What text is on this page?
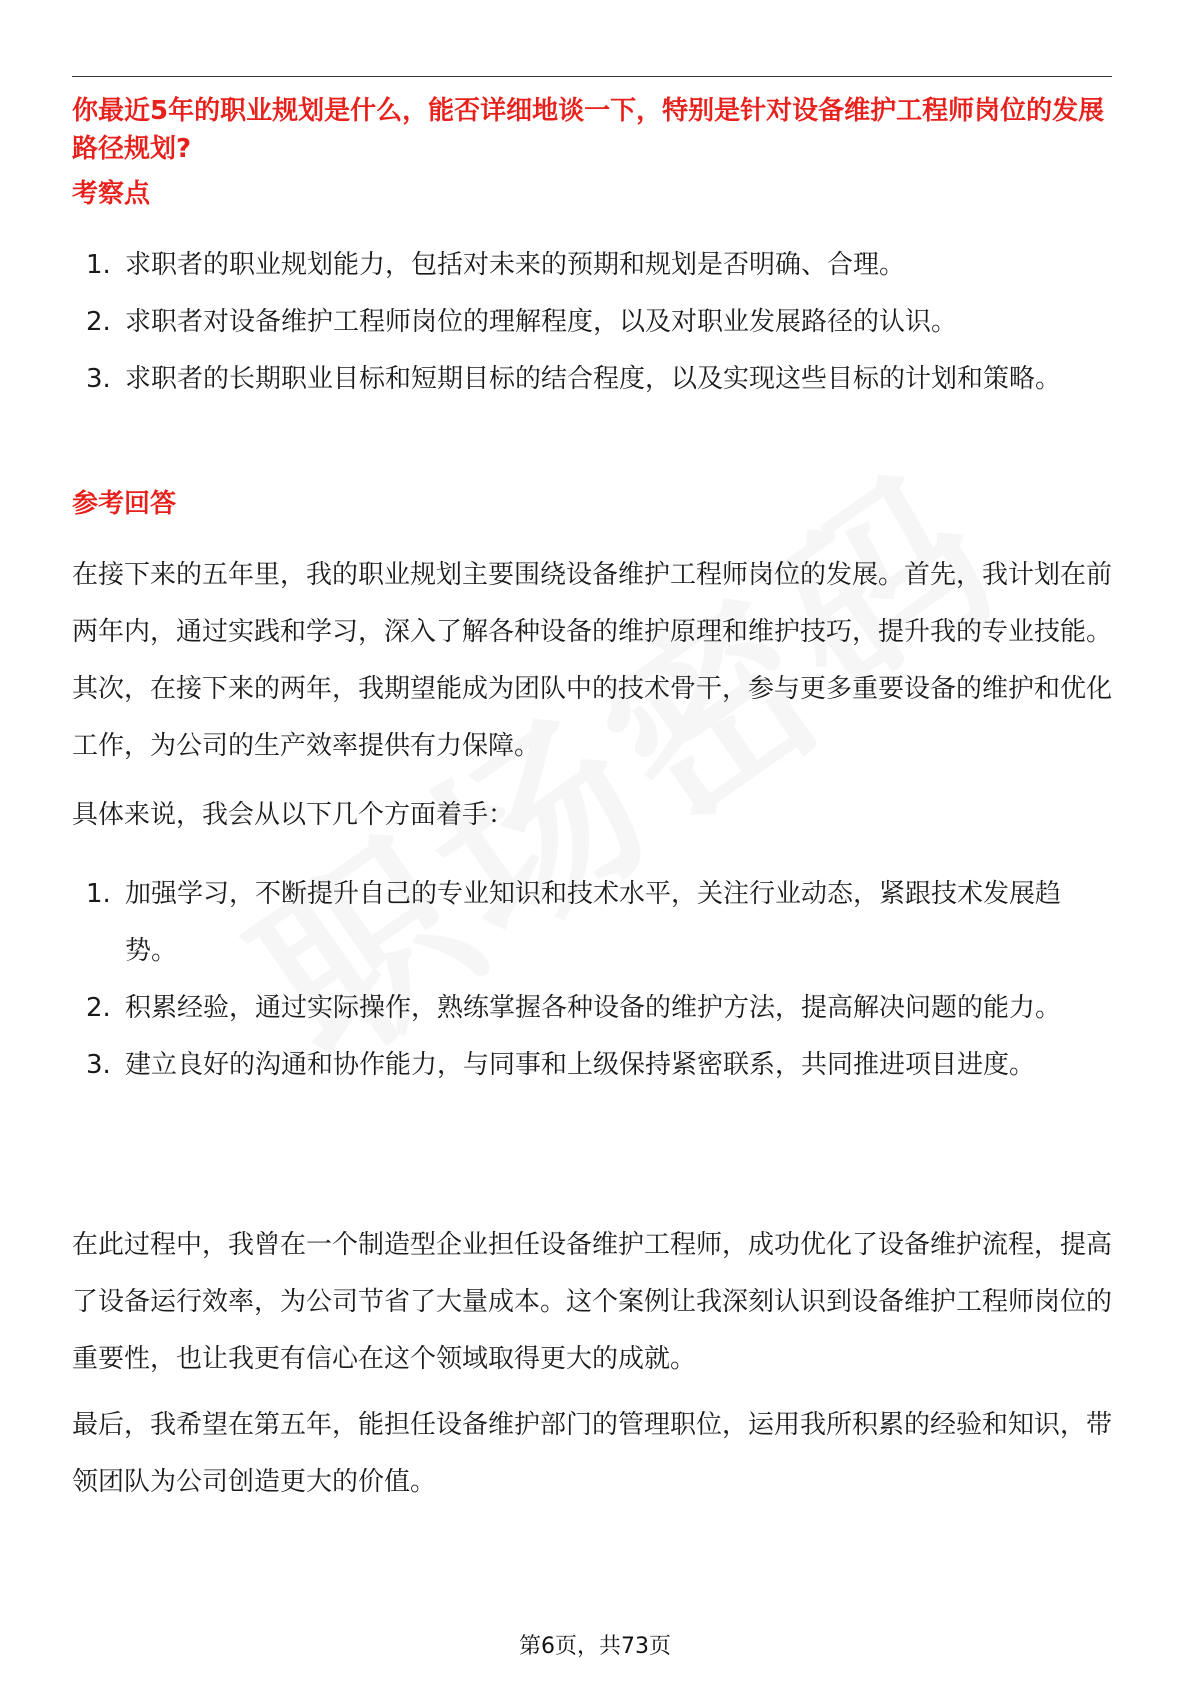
你最近5年的职业规划是什么，能否详细地谈一下，特别是针对设备维护工程师岗位的发展路径规划?
考察点
1. 求职者的职业规划能力，包括对未来的预期和规划是否明确、合理。
2. 求职者对设备维护工程师岗位的理解程度，以及对职业发展路径的认识。
3. 求职者的长期职业目标和短期目标的结合程度，以及实现这些目标的计划和策略。
参考回答

在接下来的五年里，我的职业规划主要围绕设备维护工程师岗位的发展。首先，我计划在前两年内，通过实践和学习，深入了解各种设备的维护原理和维护技巧，提升我的专业技能。其次，在接下来的两年，我期望能成为团队中的技术骨干，参与更多重要设备的维护和优化工作，为公司的生产效率提供有力保障。

具体来说，我会从以下几个方面着手：

1. 加强学习，不断提升自己的专业知识和技术水平，关注行业动态，紧跟技术发展趋势。
2. 积累经验，通过实际操作，熟练掌握各种设备的维护方法，提高解决问题的能力。
3. 建立良好的沟通和协作能力，与同事和上级保持紧密联系，共同推进项目进度。

在此过程中，我曾在一个制造型企业担任设备维护工程师，成功优化了设备维护流程，提高了设备运行效率，为公司节省了大量成本。这个案例让我深刻认识到设备维护工程师岗位的重要性，也让我更有信心在这个领域取得更大的成就。

最后，我希望在第五年，能担任设备维护部门的管理职位，运用我所积累的经验和知识，带领团队为公司创造更大的价值。

第6页，共73页
